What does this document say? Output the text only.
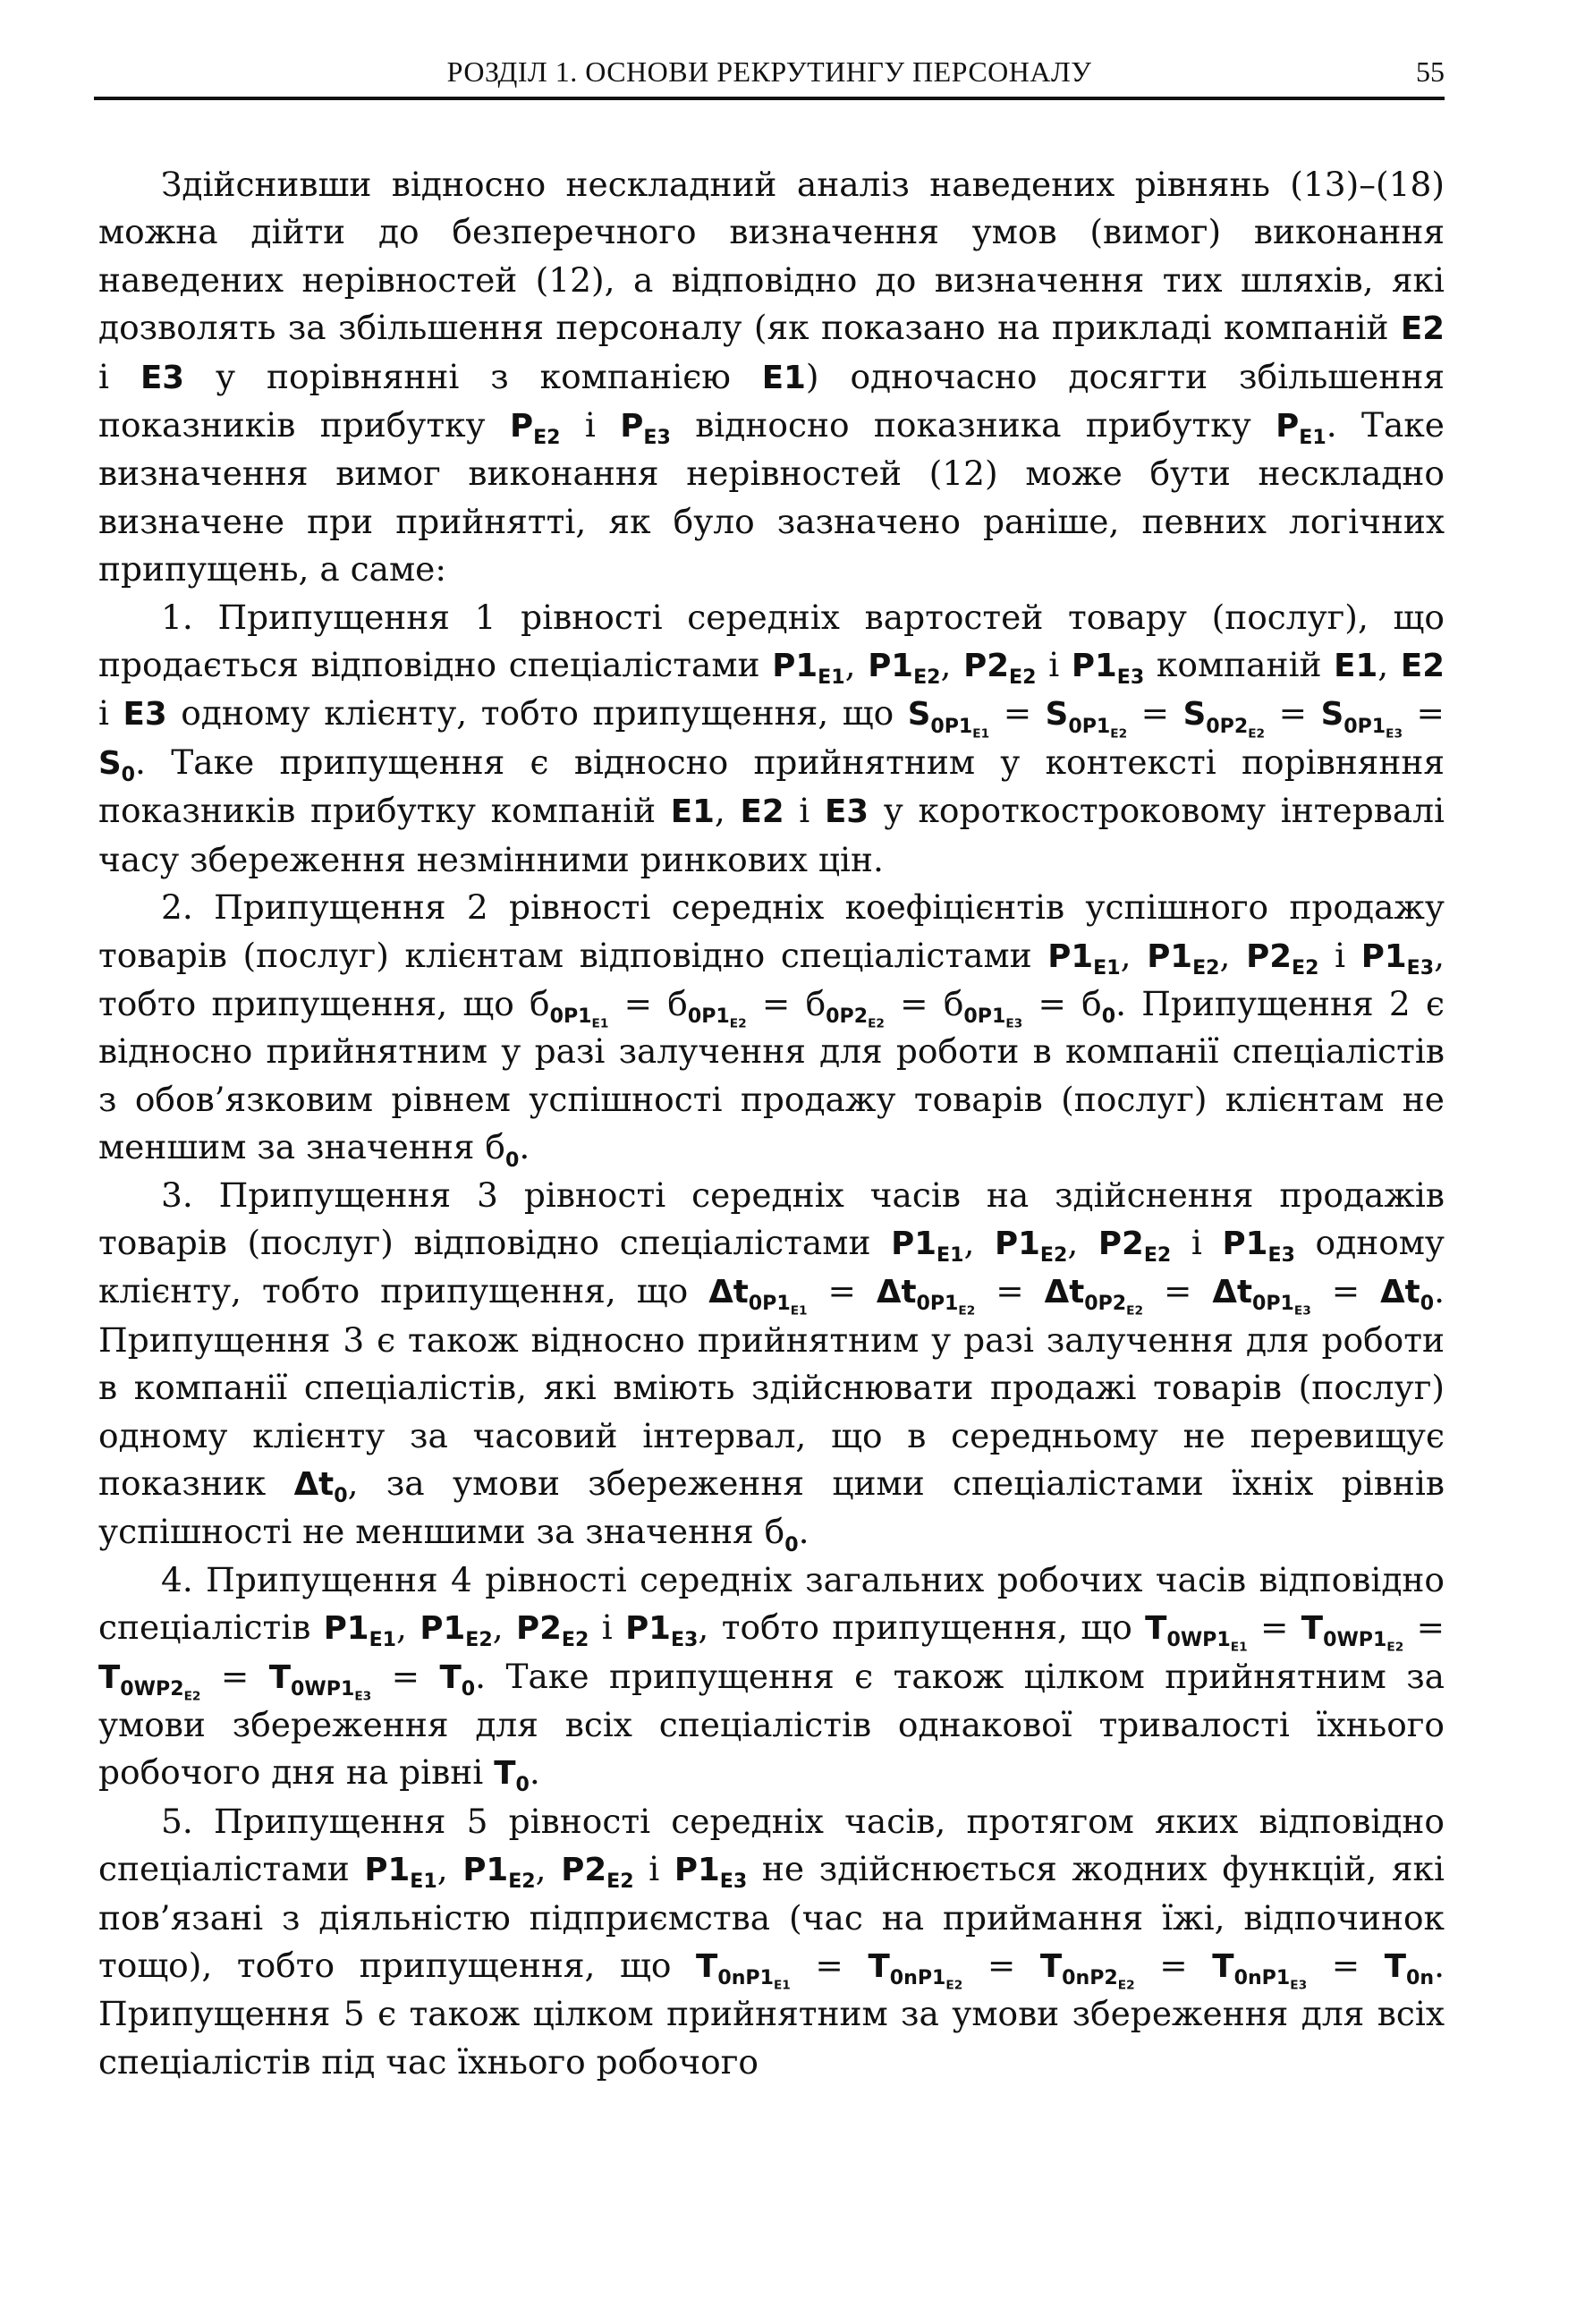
РОЗДІЛ 1. ОСНОВИ РЕКРУТИНГУ ПЕРСОНАЛУ	55

Здійснивши відносно нескладний аналіз наведених рівнянь (13)–(18) можна дійти до безперечного визначення умов (вимог) виконання наведених нерівностей (12), а відповідно до визначення тих шляхів, які дозволять за збільшення персоналу (як показано на прикладі компаній E2 і E3 у порівнянні з компанією E1) одночасно досягти збільшення показників прибутку $P_{E2}$ і $P_{E3}$ відносно показника прибутку $P_{E1}$. Таке визначення вимог виконання нерівностей (12) може бути нескладно визначене при прийнятті, як було зазначено раніше, певних логічних припущень, а саме:

1. Припущення 1 рівності середніх вартостей товару (послуг), що продається відповідно спеціалістами $P1_{E1}$, $P1_{E2}$, $P2_{E2}$ і $P1_{E3}$ компаній E1, E2 і E3 одному клієнту, тобто припущення, що $S_{0P1_{E1}} = S_{0P1_{E2}} = S_{0P2_{E2}} = S_{0P1_{E3}} = S_0$. Таке припущення є відносно прийнятним у контексті порівняння показників прибутку компаній E1, E2 і E3 у короткостроковому інтервалі часу збереження незмінними ринкових цін.

2. Припущення 2 рівності середніх коефіцієнтів успішного продажу товарів (послуг) клієнтам відповідно спеціалістами $P1_{E1}$, $P1_{E2}$, $P2_{E2}$ і $P1_{E3}$, тобто припущення, що $б_{0P1_{E1}} = б_{0P1_{E2}} = б_{0P2_{E2}} = б_{0P1_{E3}} = б_0$. Припущення 2 є відносно прийнятним у разі залучення для роботи в компанії спеціалістів з обов’язковим рівнем успішності продажу товарів (послуг) клієнтам не меншим за значення $б_0$.

3. Припущення 3 рівності середніх часів на здійснення продажів товарів (послуг) відповідно спеціалістами $P1_{E1}$, $P1_{E2}$, $P2_{E2}$ і $P1_{E3}$ одному клієнту, тобто припущення, що $\Delta t_{0P1_{E1}} = \Delta t_{0P1_{E2}} = \Delta t_{0P2_{E2}} = \Delta t_{0P1_{E3}} = \Delta t_0$. Припущення 3 є також відносно прийнятним у разі залучення для роботи в компанії спеціалістів, які вміють здійснювати продажі товарів (послуг) одному клієнту за часовий інтервал, що в середньому не перевищує показник $\Delta t_0$, за умови збереження цими спеціалістами їхніх рівнів успішності не меншими за значення $б_0$.

4. Припущення 4 рівності середніх загальних робочих часів відповідно спеціалістів $P1_{E1}$, $P1_{E2}$, $P2_{E2}$ і $P1_{E3}$, тобто припущення, що $T_{0WP1_{E1}} = T_{0WP1_{E2}} = T_{0WP2_{E2}} = T_{0WP1_{E3}} = T_0$. Таке припущення є також цілком прийнятним за умови збереження для всіх спеціалістів однакової тривалості їхнього робочого дня на рівні $T_0$.

5. Припущення 5 рівності середніх часів, протягом яких відповідно спеціалістами $P1_{E1}$, $P1_{E2}$, $P2_{E2}$ і $P1_{E3}$ не здійснюється жодних функцій, які пов’язані з діяльністю підприємства (час на приймання їжі, відпочинок тощо), тобто припущення, що $T_{0nP1_{E1}} = T_{0nP1_{E2}} = T_{0nP2_{E2}} = T_{0nP1_{E3}} = T_{0n}$. Припущення 5 є також цілком прийнятним за умови збереження для всіх спеціалістів під час їхнього робочого
